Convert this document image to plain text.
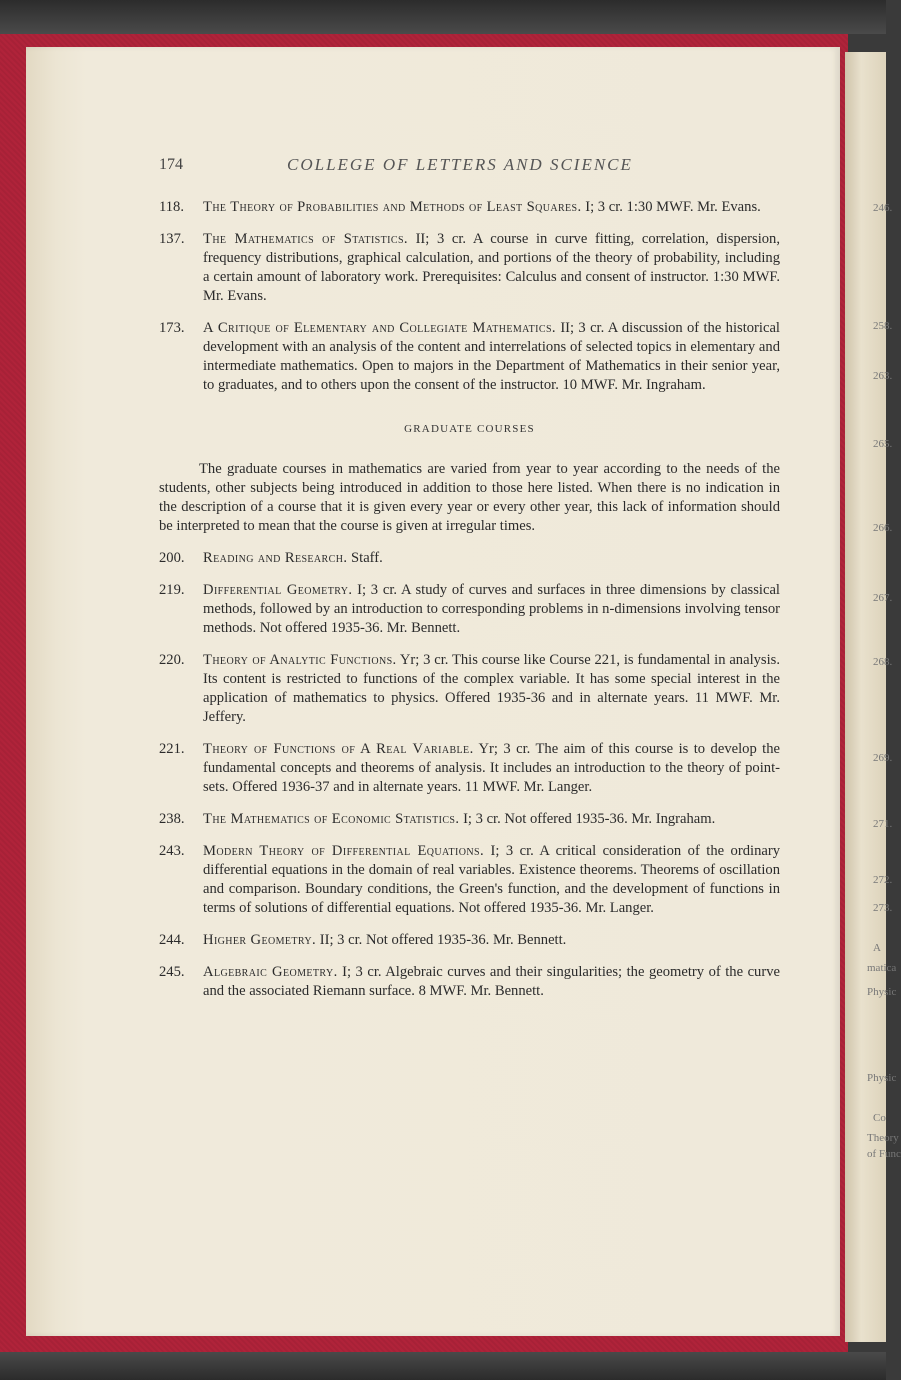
246.
258.
263.
265.
266.
267.
268.
269.
271.
272.
273.
A
matica
Physic
Physic
Co
Theory
of Func
174	COLLEGE OF LETTERS AND SCIENCE
118. The Theory of Probabilities and Methods of Least Squares. I; 3 cr. 1:30 MWF. Mr. Evans.
137. The Mathematics of Statistics. II; 3 cr. A course in curve fitting, correlation, dispersion, frequency distributions, graphical calculation, and portions of the theory of probability, including a certain amount of laboratory work. Prerequisites: Calculus and consent of instructor. 1:30 MWF. Mr. Evans.
173. A Critique of Elementary and Collegiate Mathematics. II; 3 cr. A discussion of the historical development with an analysis of the content and interrelations of selected topics in elementary and intermediate mathematics. Open to majors in the Department of Mathematics in their senior year, to graduates, and to others upon the consent of the instructor. 10 MWF. Mr. Ingraham.
GRADUATE COURSES
The graduate courses in mathematics are varied from year to year according to the needs of the students, other subjects being introduced in addition to those here listed. When there is no indication in the description of a course that it is given every year or every other year, this lack of information should be interpreted to mean that the course is given at irregular times.
200. Reading and Research. Staff.
219. Differential Geometry. I; 3 cr. A study of curves and surfaces in three dimensions by classical methods, followed by an introduction to corresponding problems in n-dimensions involving tensor methods. Not offered 1935-36. Mr. Bennett.
220. Theory of Analytic Functions. Yr; 3 cr. This course like Course 221, is fundamental in analysis. Its content is restricted to functions of the complex variable. It has some special interest in the application of mathematics to physics. Offered 1935-36 and in alternate years. 11 MWF. Mr. Jeffery.
221. Theory of Functions of A Real Variable. Yr; 3 cr. The aim of this course is to develop the fundamental concepts and theorems of analysis. It includes an introduction to the theory of point-sets. Offered 1936-37 and in alternate years. 11 MWF. Mr. Langer.
238. The Mathematics of Economic Statistics. I; 3 cr. Not offered 1935-36. Mr. Ingraham.
243. Modern Theory of Differential Equations. I; 3 cr. A critical consideration of the ordinary differential equations in the domain of real variables. Existence theorems. Theorems of oscillation and comparison. Boundary conditions, the Green's function, and the development of functions in terms of solutions of differential equations. Not offered 1935-36. Mr. Langer.
244. Higher Geometry. II; 3 cr. Not offered 1935-36. Mr. Bennett.
245. Algebraic Geometry. I; 3 cr. Algebraic curves and their singularities; the geometry of the curve and the associated Riemann surface. 8 MWF. Mr. Bennett.
